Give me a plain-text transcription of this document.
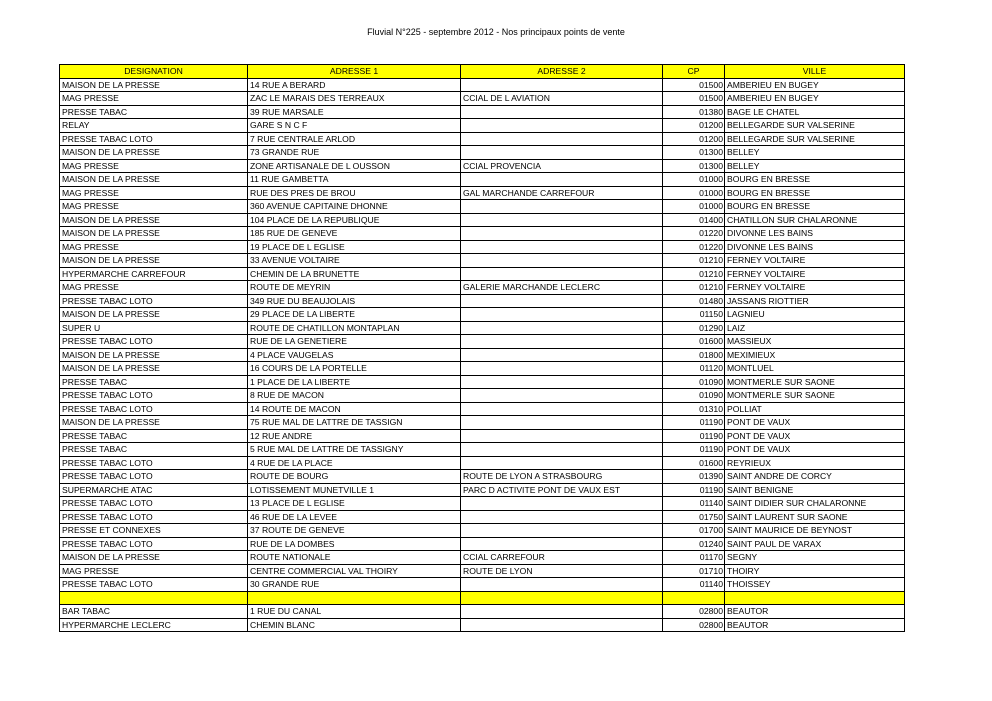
Fluvial N°225 - septembre 2012 - Nos principaux points de vente
DESIGNATION	ADRESSE 1	ADRESSE 2	CP	VILLE
MAISON DE LA PRESSE	14 RUE A BERARD		01500	AMBERIEU EN BUGEY
MAG PRESSE	ZAC LE MARAIS DES TERREAUX	CCIAL DE L AVIATION	01500	AMBERIEU EN BUGEY
PRESSE TABAC	39 RUE MARSALE		01380	BAGE LE CHATEL
RELAY	GARE S N C F		01200	BELLEGARDE SUR VALSERINE
PRESSE TABAC LOTO	7 RUE CENTRALE ARLOD		01200	BELLEGARDE SUR VALSERINE
MAISON DE LA PRESSE	73 GRANDE RUE		01300	BELLEY
MAG PRESSE	ZONE ARTISANALE DE L OUSSON	CCIAL PROVENCIA	01300	BELLEY
MAISON DE LA PRESSE	11 RUE GAMBETTA		01000	BOURG EN BRESSE
MAG PRESSE	RUE DES PRES DE BROU	GAL MARCHANDE CARREFOUR	01000	BOURG EN BRESSE
MAG PRESSE	360 AVENUE CAPITAINE DHONNE		01000	BOURG EN BRESSE
MAISON DE LA PRESSE	104 PLACE DE LA REPUBLIQUE		01400	CHATILLON SUR CHALARONNE
MAISON DE LA PRESSE	185 RUE DE GENEVE		01220	DIVONNE LES BAINS
MAG PRESSE	19 PLACE DE L EGLISE		01220	DIVONNE LES BAINS
MAISON DE LA PRESSE	33 AVENUE VOLTAIRE		01210	FERNEY VOLTAIRE
HYPERMARCHE CARREFOUR	CHEMIN DE LA BRUNETTE		01210	FERNEY VOLTAIRE
MAG PRESSE	ROUTE DE MEYRIN	GALERIE MARCHANDE LECLERC	01210	FERNEY VOLTAIRE
PRESSE TABAC LOTO	349 RUE DU BEAUJOLAIS		01480	JASSANS RIOTTIER
MAISON DE LA PRESSE	29 PLACE DE LA LIBERTE		01150	LAGNIEU
SUPER U	ROUTE DE CHATILLON MONTAPLAN		01290	LAIZ
PRESSE TABAC LOTO	RUE DE LA GENETIERE		01600	MASSIEUX
MAISON DE LA PRESSE	4 PLACE VAUGELAS		01800	MEXIMIEUX
MAISON DE LA PRESSE	16 COURS DE LA PORTELLE		01120	MONTLUEL
PRESSE TABAC	1 PLACE DE LA LIBERTE		01090	MONTMERLE SUR SAONE
PRESSE TABAC LOTO	8 RUE DE MACON		01090	MONTMERLE SUR SAONE
PRESSE TABAC LOTO	14 ROUTE DE MACON		01310	POLLIAT
MAISON DE LA PRESSE	75 RUE MAL DE LATTRE DE TASSIGN		01190	PONT DE VAUX
PRESSE TABAC	12 RUE ANDRE		01190	PONT DE VAUX
PRESSE TABAC	5 RUE MAL DE LATTRE DE TASSIGNY		01190	PONT DE VAUX
PRESSE TABAC LOTO	4 RUE DE LA PLACE		01600	REYRIEUX
PRESSE TABAC LOTO	ROUTE DE BOURG	ROUTE DE LYON A STRASBOURG	01390	SAINT ANDRE DE CORCY
SUPERMARCHE ATAC	LOTISSEMENT MUNETVILLE 1	PARC D ACTIVITE PONT DE VAUX EST	01190	SAINT BENIGNE
PRESSE TABAC LOTO	13 PLACE DE L EGLISE		01140	SAINT DIDIER SUR CHALARONNE
PRESSE TABAC LOTO	46 RUE DE LA LEVEE		01750	SAINT LAURENT SUR SAONE
PRESSE ET CONNEXES	37 ROUTE DE GENEVE		01700	SAINT MAURICE DE BEYNOST
PRESSE TABAC LOTO	RUE DE LA DOMBES		01240	SAINT PAUL DE VARAX
MAISON DE LA PRESSE	ROUTE NATIONALE	CCIAL CARREFOUR	01170	SEGNY
MAG PRESSE	CENTRE COMMERCIAL VAL THOIRY	ROUTE DE LYON	01710	THOIRY
PRESSE TABAC LOTO	30 GRANDE RUE		01140	THOISSEY

BAR TABAC	1 RUE DU CANAL		02800	BEAUTOR
HYPERMARCHE LECLERC	CHEMIN BLANC		02800	BEAUTOR
